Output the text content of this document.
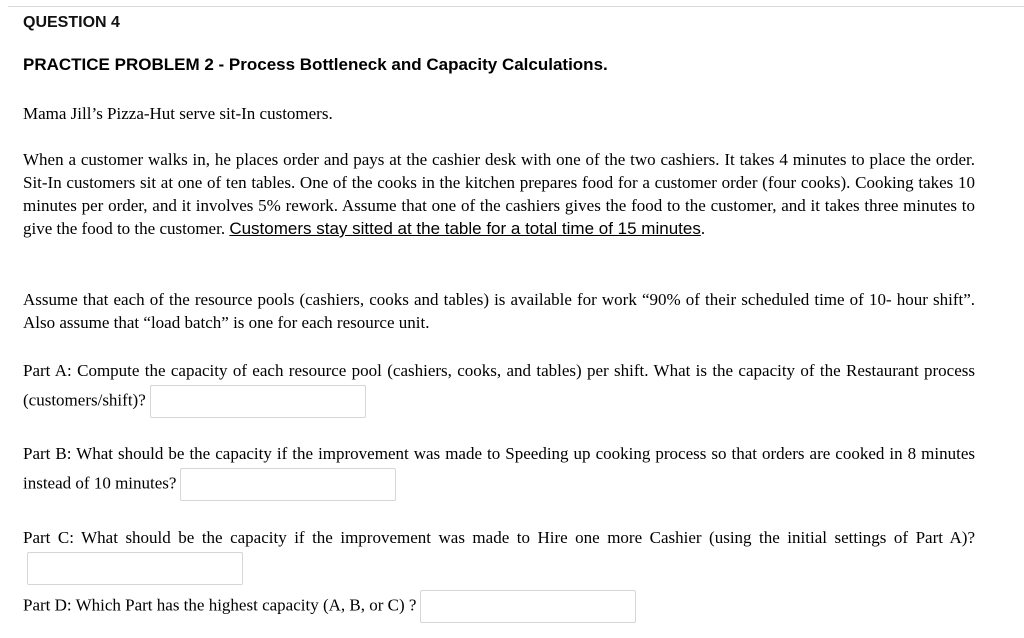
QUESTION 4
PRACTICE PROBLEM 2 - Process Bottleneck and Capacity Calculations.

Mama Jill’s Pizza-Hut serve sit-In customers.

When a customer walks in, he places order and pays at the cashier desk with one of the two cashiers. It takes 4 minutes to place the order. Sit-In customers sit at one of ten tables. One of the cooks in the kitchen prepares food for a customer order (four cooks). Cooking takes 10 minutes per order, and it involves 5% rework. Assume that one of the cashiers gives the food to the customer, and it takes three minutes to give the food to the customer. Customers stay sitted at the table for a total time of 15 minutes.

Assume that each of the resource pools (cashiers, cooks and tables) is available for work “90% of their scheduled time of 10- hour shift”. Also assume that “load batch” is one for each resource unit.

Part A: Compute the capacity of each resource pool (cashiers, cooks, and tables) per shift. What is the capacity of the Restaurant process (customers/shift)?

Part B: What should be the capacity if the improvement was made to Speeding up cooking process so that orders are cooked in 8 minutes instead of 10 minutes?

Part C: What should be the capacity if the improvement was made to Hire one more Cashier (using the initial settings of Part A)?

Part D: Which Part has the highest capacity (A, B, or C) ?
